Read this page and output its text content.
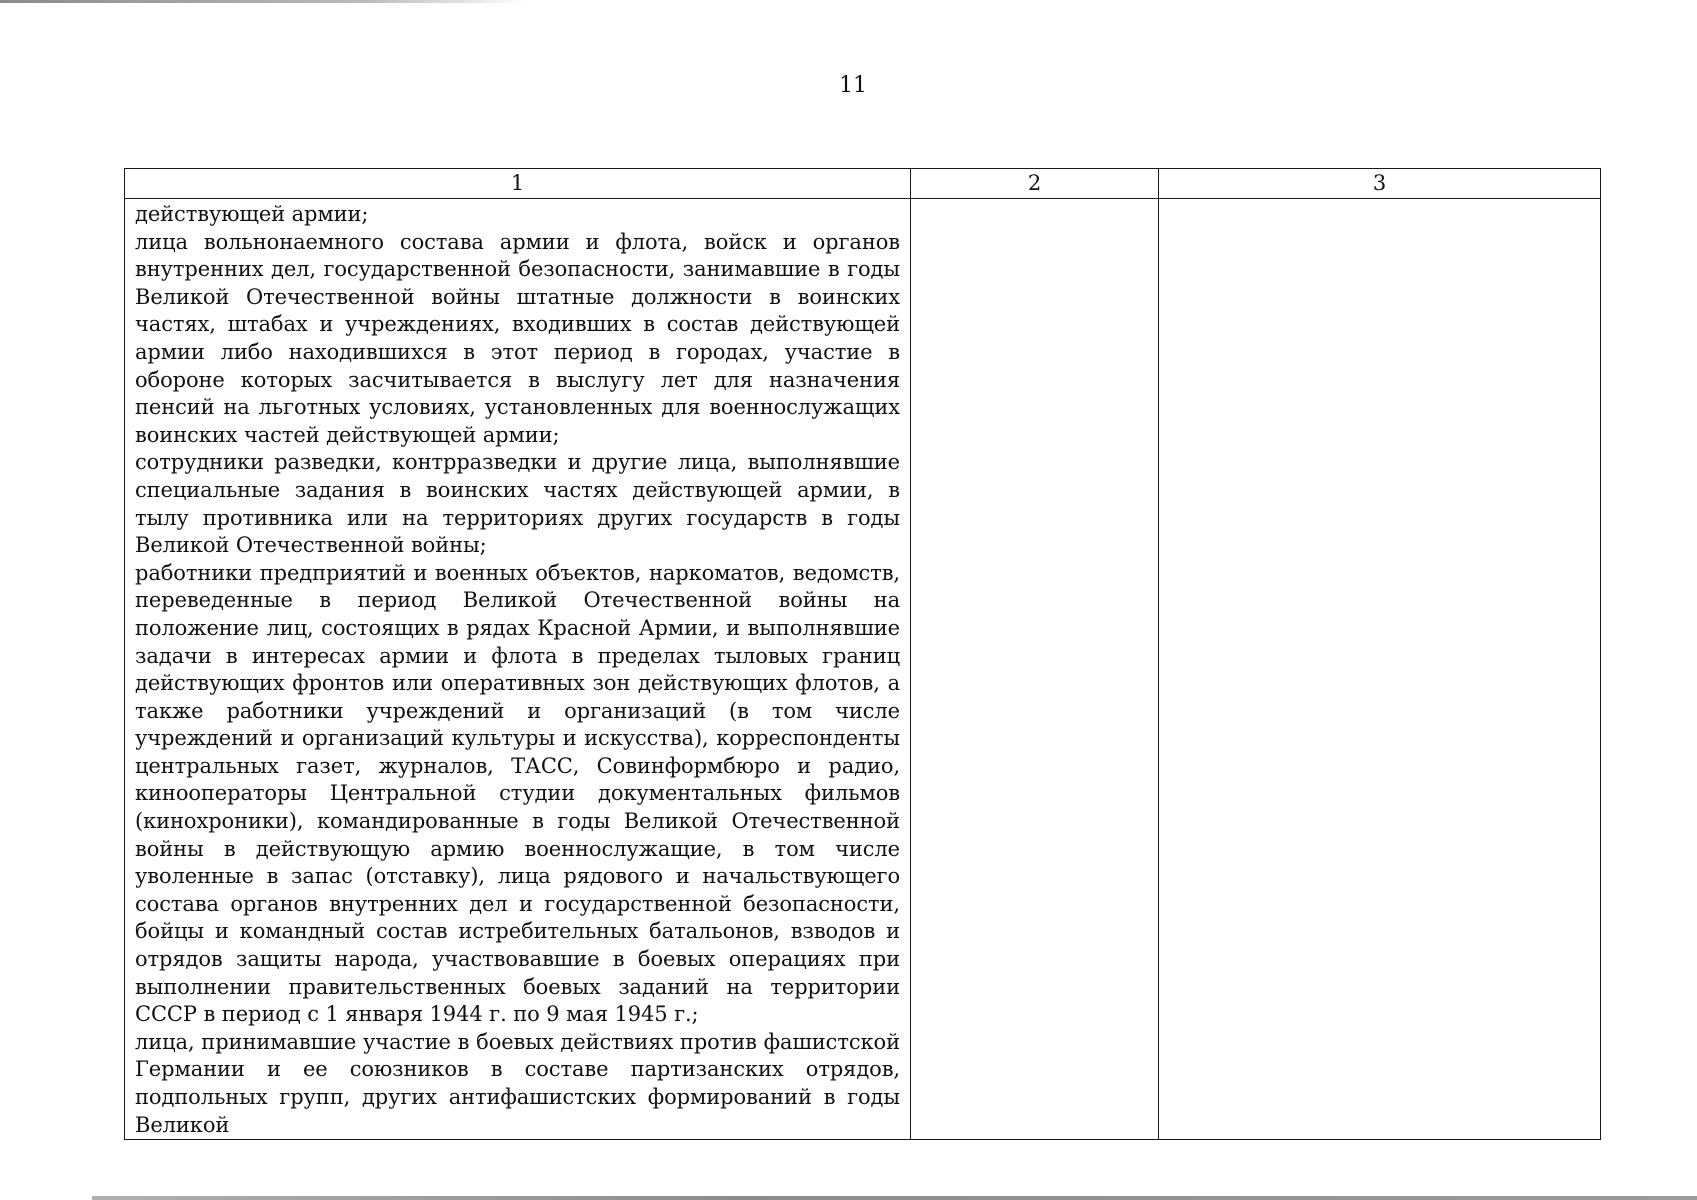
11
1	2	3

действующей армии;

лица вольнонаемного состава армии и флота, войск и органов внутренних дел, государственной безопасности, занимавшие в годы Великой Отечественной войны штатные должности в воинских частях, штабах и учреждениях, входивших в состав действующей армии либо находившихся в этот период в городах, участие в обороне которых засчитывается в выслугу лет для назначения пенсий на льготных условиях, установленных для военнослужащих воинских частей действующей армии;

сотрудники разведки, контрразведки и другие лица, выполнявшие специальные задания в воинских частях действующей армии, в тылу противника или на территориях других государств в годы Великой Отечественной войны;

работники предприятий и военных объектов, наркоматов, ведомств, переведенные в период Великой Отечественной войны на положение лиц, состоящих в рядах Красной Армии, и выполнявшие задачи в интересах армии и флота в пределах тыловых границ действующих фронтов или оперативных зон действующих флотов, а также работники учреждений и организаций (в том числе учреждений и организаций культуры и искусства), корреспонденты центральных газет, журналов, ТАСС, Совинформбюро и радио, кинооператоры Центральной студии документальных фильмов (кинохроники), командированные в годы Великой Отечественной войны в действующую армию военнослужащие, в том числе уволенные в запас (отставку), лица рядового и начальствующего состава органов внутренних дел и государственной безопасности, бойцы и командный состав истребительных батальонов, взводов и отрядов защиты народа, участвовавшие в боевых операциях при выполнении правительственных боевых заданий на территории СССР в период с 1 января 1944 г. по 9 мая 1945 г.;

лица, принимавшие участие в боевых действиях против фашистской Германии и ее союзников в составе партизанских отрядов, подпольных групп, других антифашистских формирований в годы Великой		
